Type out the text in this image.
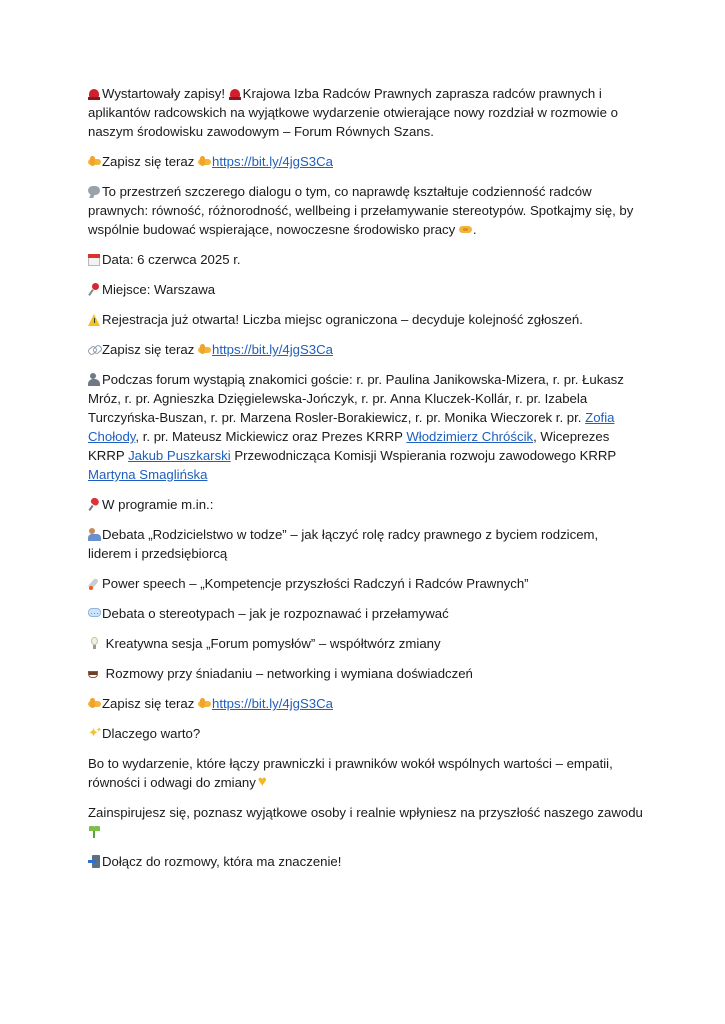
Wystartowały zapisy! Krajowa Izba Radców Prawnych zaprasza radców prawnych i aplikantów radcowskich na wyjątkowe wydarzenie otwierające nowy rozdział w rozmowie o naszym środowisku zawodowym – Forum Równych Szans.

Zapisz się teraz https://bit.ly/4jgS3Ca

To przestrzeń szczerego dialogu o tym, co naprawdę kształtuje codzienność radców prawnych: równość, różnorodność, wellbeing i przełamywanie stereotypów. Spotkajmy się, by wspólnie budować wspierające, nowoczesne środowisko pracy .

Data: 6 czerwca 2025 r.

Miejsce: Warszawa

Rejestracja już otwarta! Liczba miejsc ograniczona – decyduje kolejność zgłoszeń.

Zapisz się teraz https://bit.ly/4jgS3Ca

Podczas forum wystąpią znakomici goście: r. pr. Paulina Janikowska-Mizera, r. pr. Łukasz Mróz, r. pr. Agnieszka Dzięgielewska-Jończyk, r. pr. Anna Kluczek-Kollár, r. pr. Izabela Turczyńska-Buszan, r. pr. Marzena Rosler-Borakiewicz, r. pr. Monika Wieczorek r. pr. Zofia Chołody, r. pr. Mateusz Mickiewicz oraz Prezes KRRP Włodzimierz Chróścik, Wiceprezes KRRP Jakub Puszkarski Przewodnicząca Komisji Wspierania rozwoju zawodowego KRRP Martyna Smaglińska

W programie m.in.:

Debata „Rodzicielstwo w todze” – jak łączyć rolę radcy prawnego z byciem rodzicem, liderem i przedsiębiorcą

Power speech – „Kompetencje przyszłości Radczyń i Radców Prawnych”

···Debata o stereotypach – jak je rozpoznawać i przełamywać

Kreatywna sesja „Forum pomysłów” – współtwórz zmiany

Rozmowy przy śniadaniu – networking i wymiana doświadczeń

Zapisz się teraz https://bit.ly/4jgS3Ca

✦ ✦Dlaczego warto?

Bo to wydarzenie, które łączy prawniczki i prawników wokół wspólnych wartości – empatii, równości i odwagi do zmiany♥

Zainspirujesz się, poznasz wyjątkowe osoby i realnie wpłyniesz na przyszłość naszego zawodu

Dołącz do rozmowy, która ma znaczenie!
